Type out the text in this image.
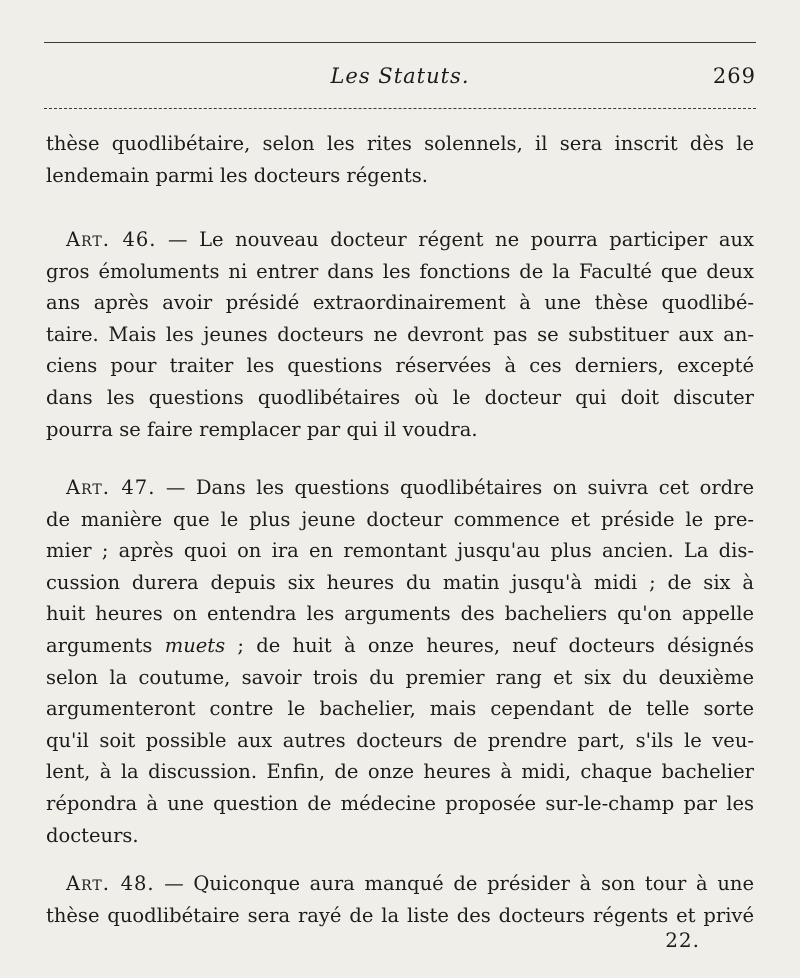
Les Statuts.	269
thèse quodlibétaire, selon les rites solennels, il sera inscrit dès le
lendemain parmi les docteurs régents.
Art. 46. — Le nouveau docteur régent ne pourra participer aux
gros émoluments ni entrer dans les fonctions de la Faculté que deux
ans après avoir présidé extraordinairement à une thèse quodlibé-
taire. Mais les jeunes docteurs ne devront pas se substituer aux an-
ciens pour traiter les questions réservées à ces derniers, excepté
dans les questions quodlibétaires où le docteur qui doit discuter
pourra se faire remplacer par qui il voudra.
Art. 47. — Dans les questions quodlibétaires on suivra cet ordre
de manière que le plus jeune docteur commence et préside le pre-
mier ; après quoi on ira en remontant jusqu'au plus ancien. La dis-
cussion durera depuis six heures du matin jusqu'à midi ; de six à
huit heures on entendra les arguments des bacheliers qu'on appelle
arguments muets ; de huit à onze heures, neuf docteurs désignés
selon la coutume, savoir trois du premier rang et six du deuxième
argumenteront contre le bachelier, mais cependant de telle sorte
qu'il soit possible aux autres docteurs de prendre part, s'ils le veu-
lent, à la discussion. Enfin, de onze heures à midi, chaque bachelier
répondra à une question de médecine proposée sur-le-champ par les
docteurs.
Art. 48. — Quiconque aura manqué de présider à son tour à une
thèse quodlibétaire sera rayé de la liste des docteurs régents et privé
22.
